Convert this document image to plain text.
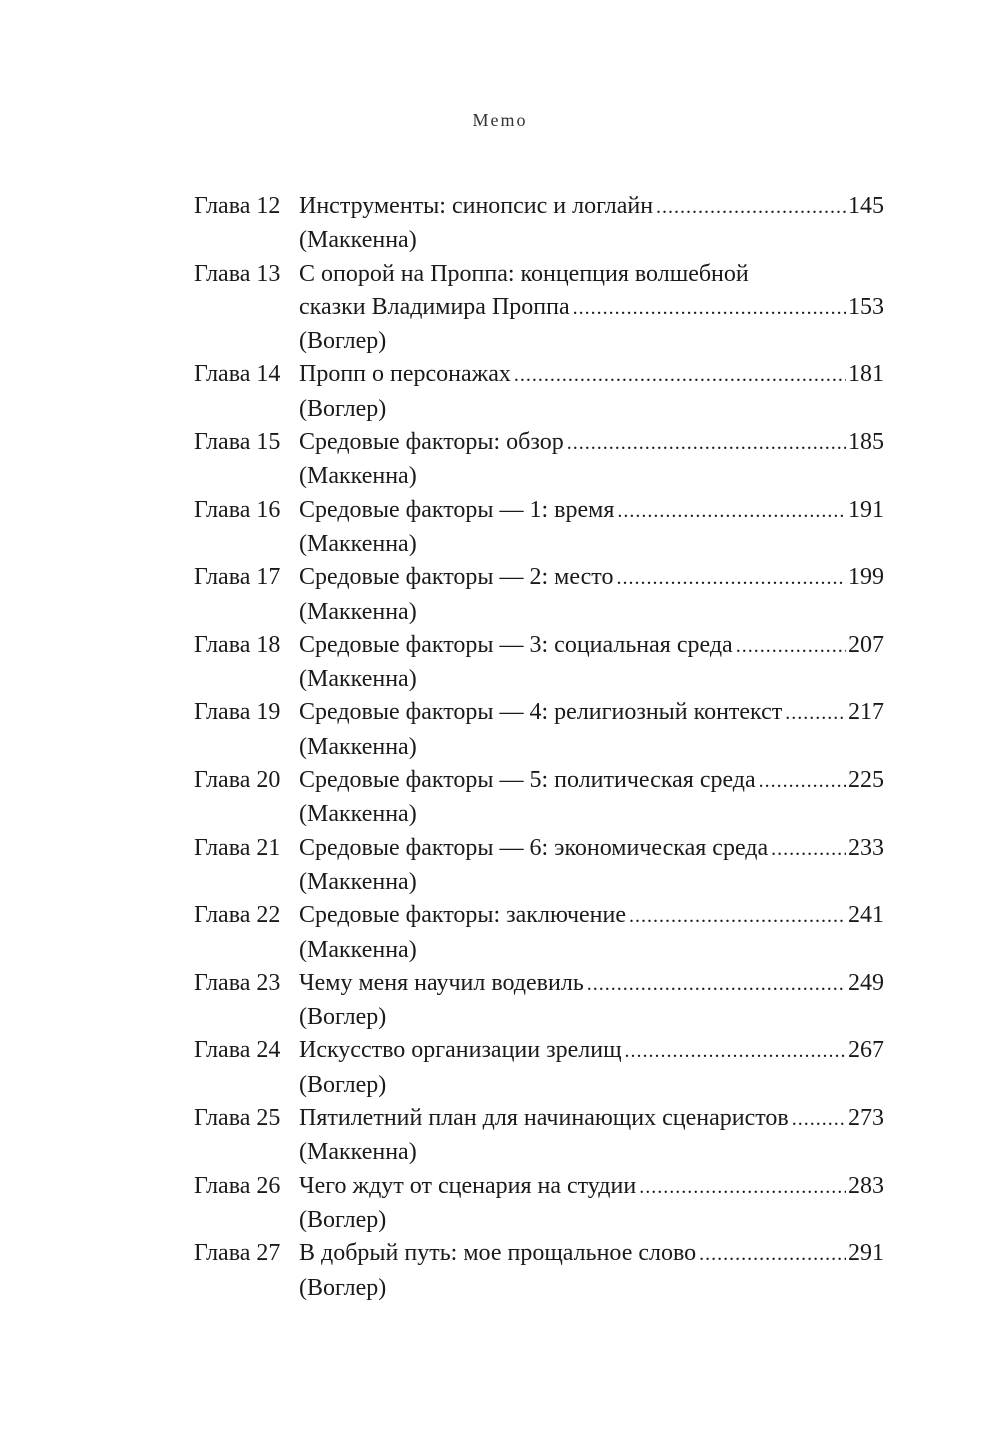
Memo
Глава 12 Инструменты: синопсис и логлайн .....	145
(Маккенна)
Глава 13 С опорой на Проппа: концепция волшебной
сказки Владимира Проппа .....	153
(Воглер)
Глава 14 Пропп о персонажах .....	181
(Воглер)
Глава 15 Средовые факторы: обзор .....	185
(Маккенна)
Глава 16 Средовые факторы — 1: время .....	191
(Маккенна)
Глава 17 Средовые факторы — 2: место .....	199
(Маккенна)
Глава 18 Средовые факторы — 3: социальная среда .....	207
(Маккенна)
Глава 19 Средовые факторы — 4: религиозный контекст .....	217
(Маккенна)
Глава 20 Средовые факторы — 5: политическая среда .....	225
(Маккенна)
Глава 21 Средовые факторы — 6: экономическая среда .....	233
(Маккенна)
Глава 22 Средовые факторы: заключение .....	241
(Маккенна)
Глава 23 Чему меня научил водевиль .....	249
(Воглер)
Глава 24 Искусство организации зрелищ .....	267
(Воглер)
Глава 25 Пятилетний план для начинающих сценаристов ..... 273
(Маккенна)
Глава 26 Чего ждут от сценария на студии .....	283
(Воглер)
Глава 27 В добрый путь: мое прощальное слово .....	291
(Воглер)
